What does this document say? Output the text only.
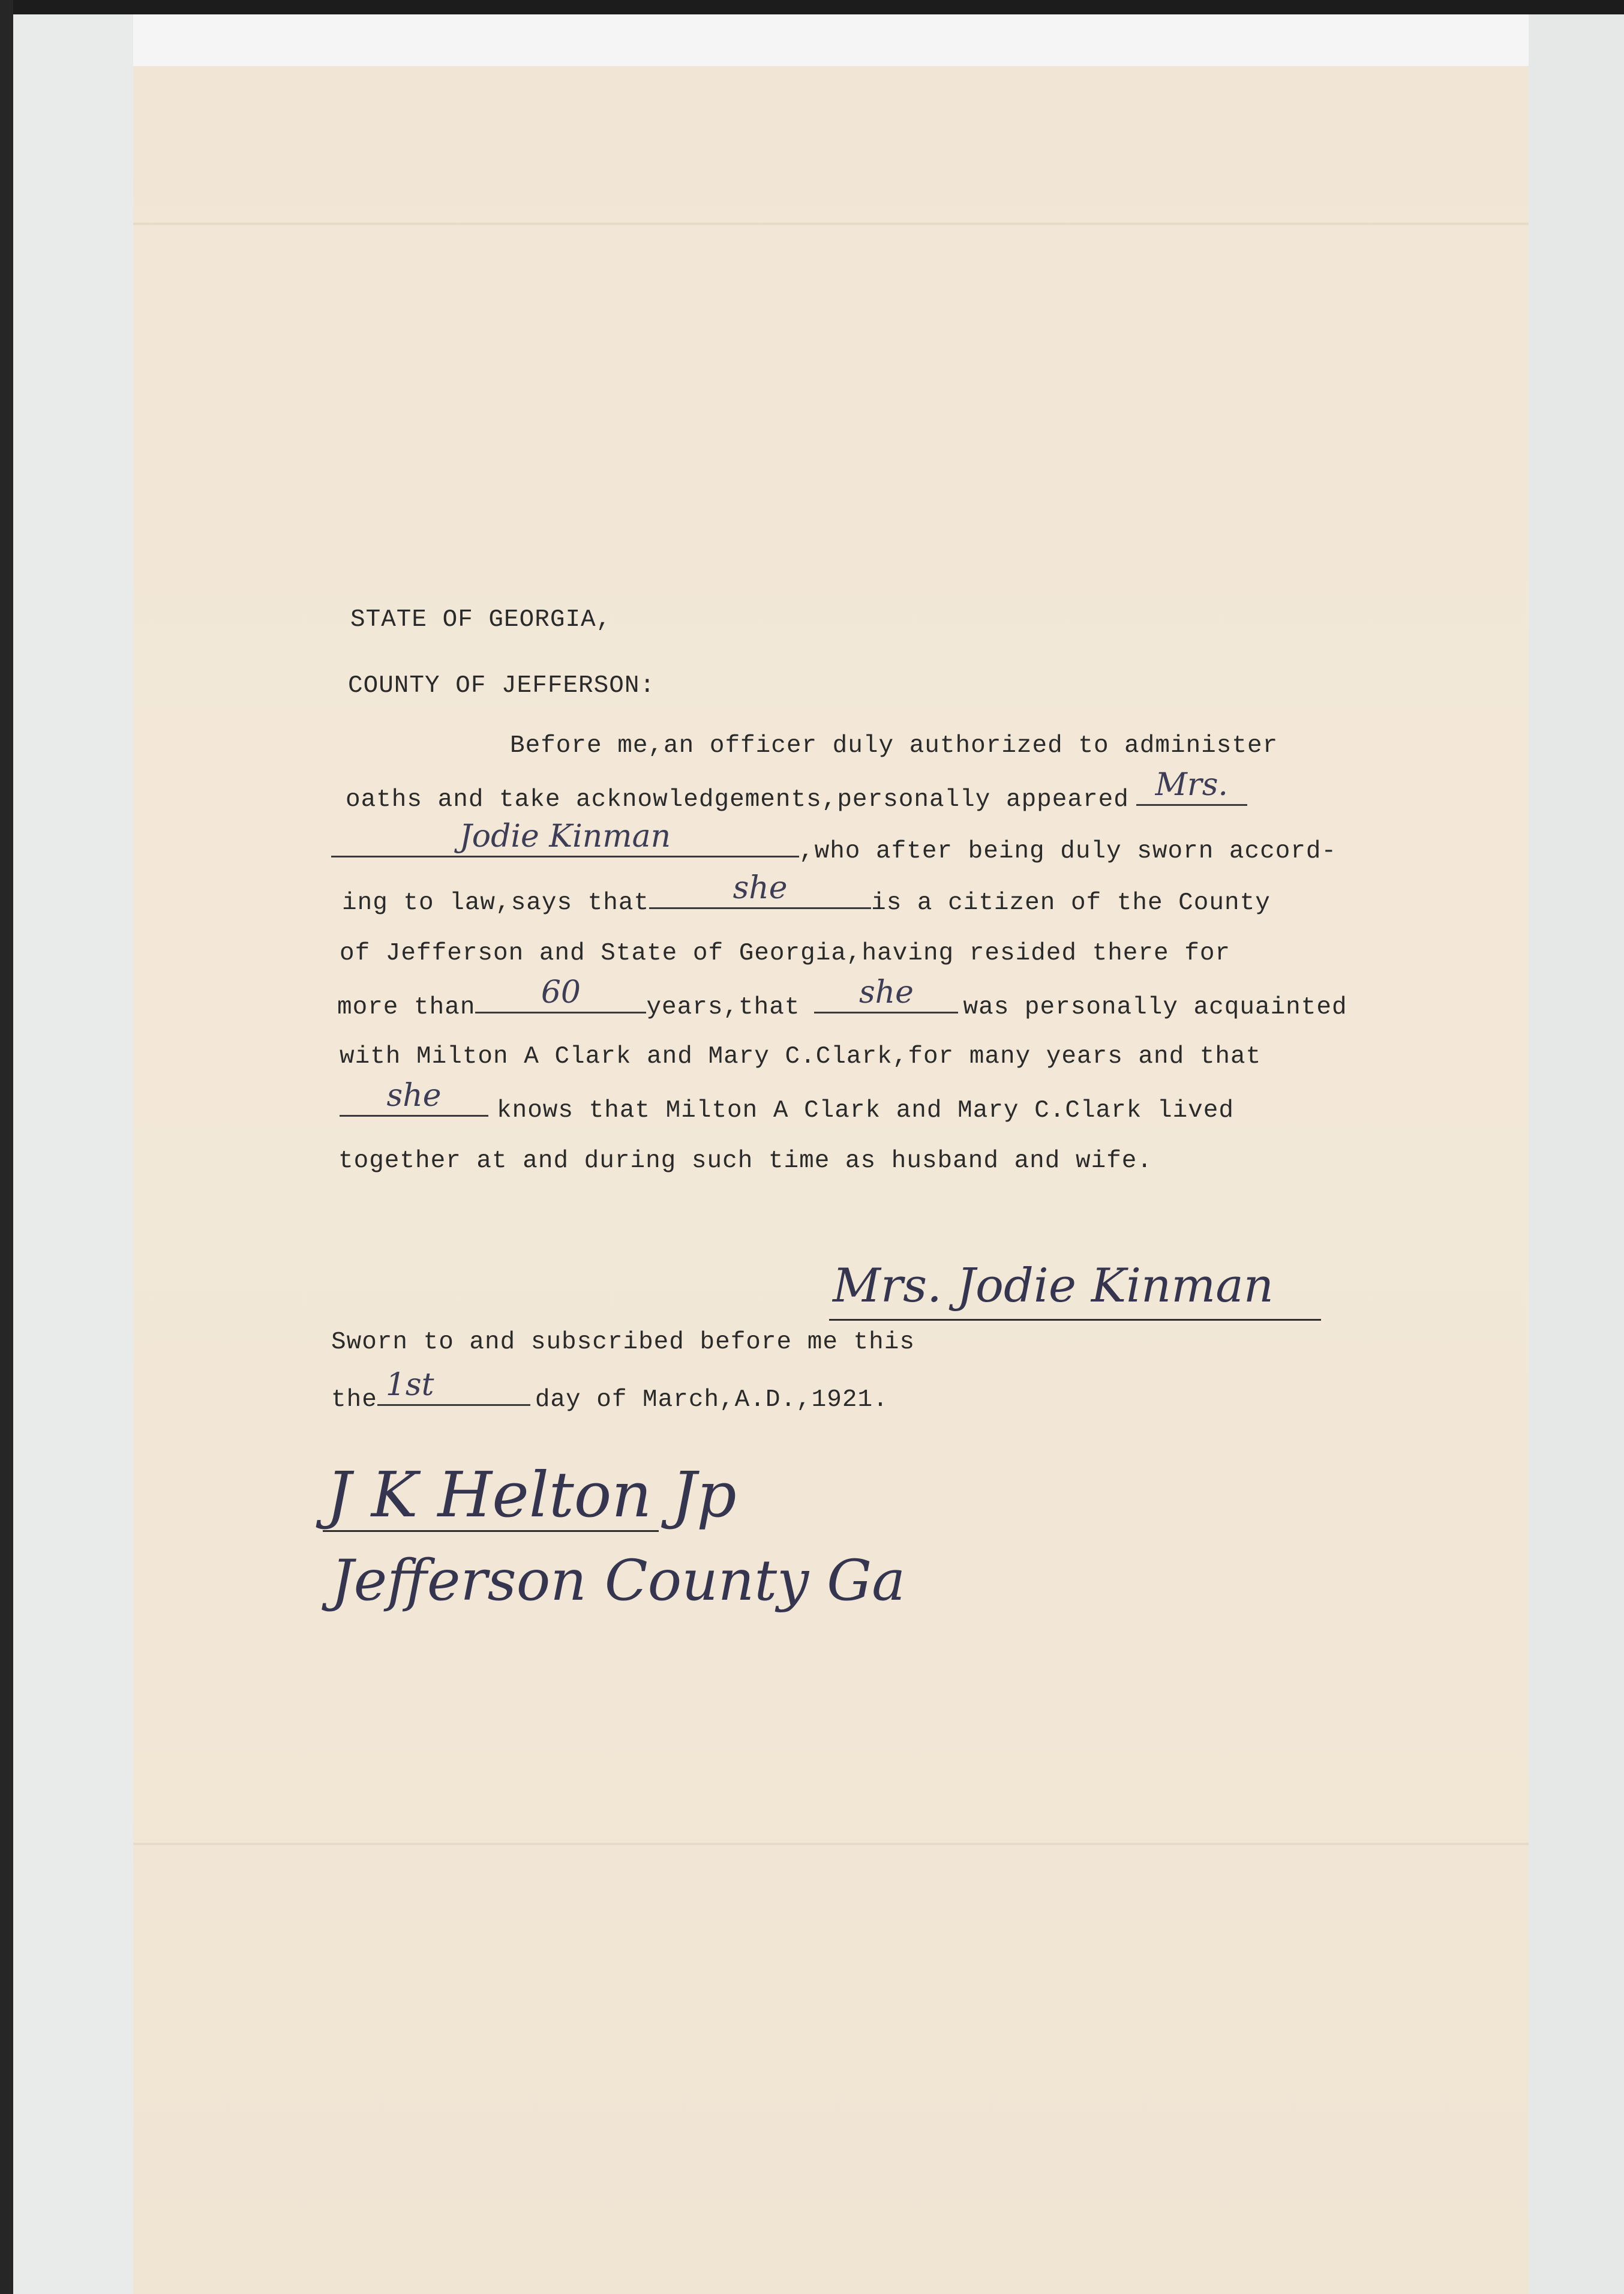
STATE OF GEORGIA,
COUNTY OF JEFFERSON:
Before me,an officer duly authorized to administer
oaths and take acknowledgements,personally appeared Mrs.
Jodie Kinman	,who after being duly sworn accord-
ing to law,says that	she	is a citizen of the County
of Jefferson and State of Georgia,having resided there for
more than	60	years,that	she	was personally acquainted
with Milton A Clark and Mary C.Clark,for many years and that
she	knows that Milton A Clark and Mary C.Clark lived
together at and during such time as husband and wife.
Mrs. Jodie Kinman
Sworn to and subscribed before me this
the 1st	day of March,A.D.,1921.
J K Helton Jp
Jefferson County Ga
